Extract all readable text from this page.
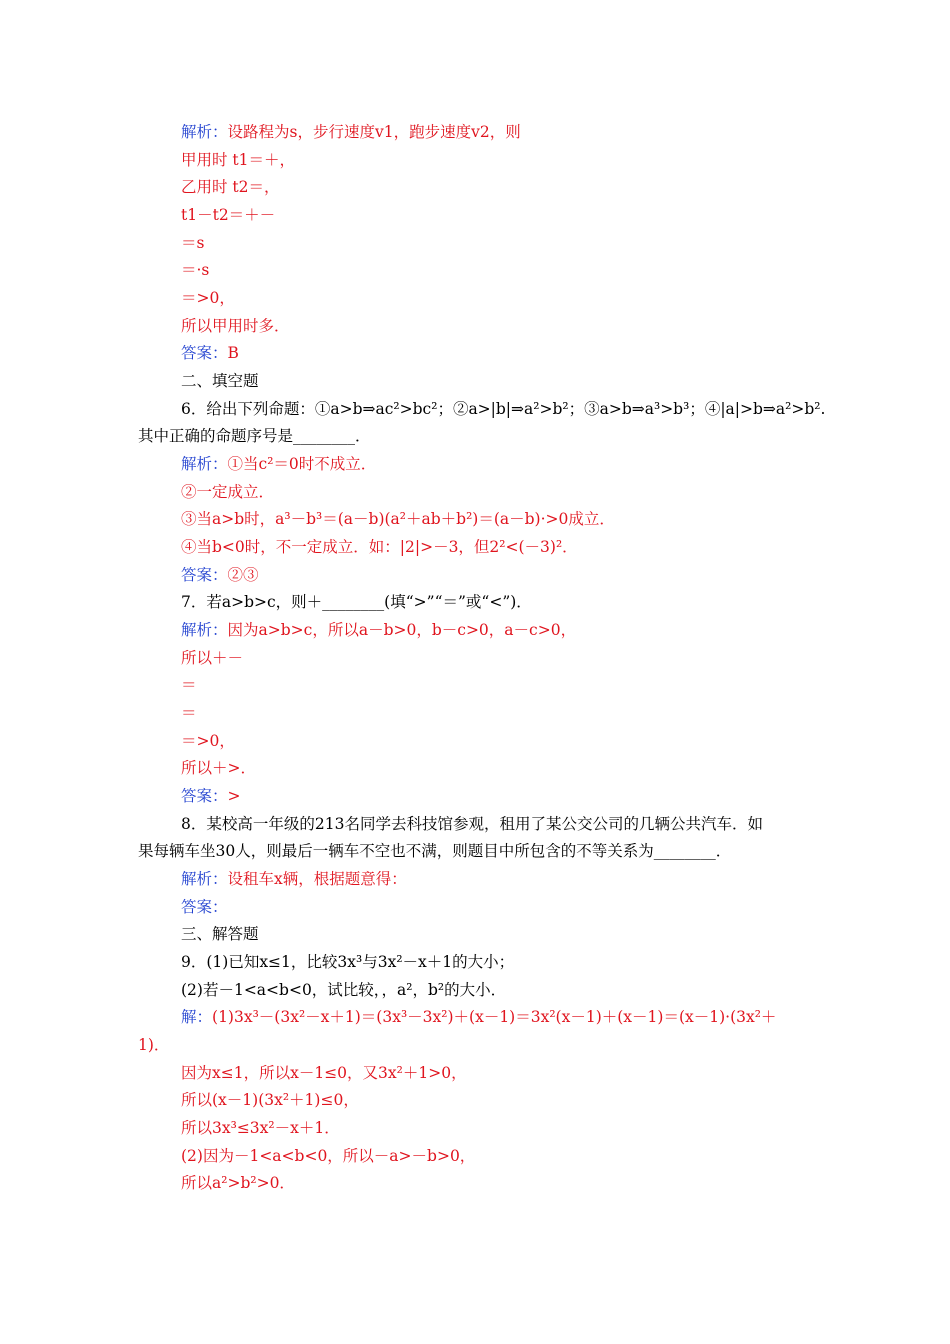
解析：设路程为s，步行速度v1，跑步速度v2，则
甲用时 t1＝＋，
乙用时 t2＝，
t1－t2＝＋－
＝s
＝·s
＝>0，
所以甲用时多．
答案：B
二、填空题
6．给出下列命题：①a>b⇒ac²>bc²；②a>|b|⇒a²>b²；③a>b⇒a³>b³；④|a|>b⇒a²>b².
其中正确的命题序号是________．
解析：①当c²＝0时不成立．
②一定成立．
③当a>b时，a³－b³＝(a－b)(a²＋ab＋b²)＝(a－b)·>0成立．
④当b<0时，不一定成立．如：|2|>－3，但2²<(－3)²．
答案：②③
7．若a>b>c，则＋________(填“>”“＝”或“<”)．
解析：因为a>b>c，所以a－b>0，b－c>0，a－c>0，
所以＋－
＝
＝
＝>0，
所以＋>．
答案：>
8．某校高一年级的213名同学去科技馆参观，租用了某公交公司的几辆公共汽车．如
果每辆车坐30人，则最后一辆车不空也不满，则题目中所包含的不等关系为________．
解析：设租车x辆，根据题意得：
答案：
三、解答题
9．(1)已知x≤1，比较3x³与3x²－x＋1的大小；
(2)若－1<a<b<0，试比较，，a²，b²的大小．
解：(1)3x³－(3x²－x＋1)＝(3x³－3x²)＋(x－1)＝3x²(x－1)＋(x－1)＝(x－1)·(3x²＋
1)．
因为x≤1，所以x－1≤0，又3x²＋1>0，
所以(x－1)(3x²＋1)≤0，
所以3x³≤3x²－x＋1．
(2)因为－1<a<b<0，所以－a>－b>0，
所以a²>b²>0．
